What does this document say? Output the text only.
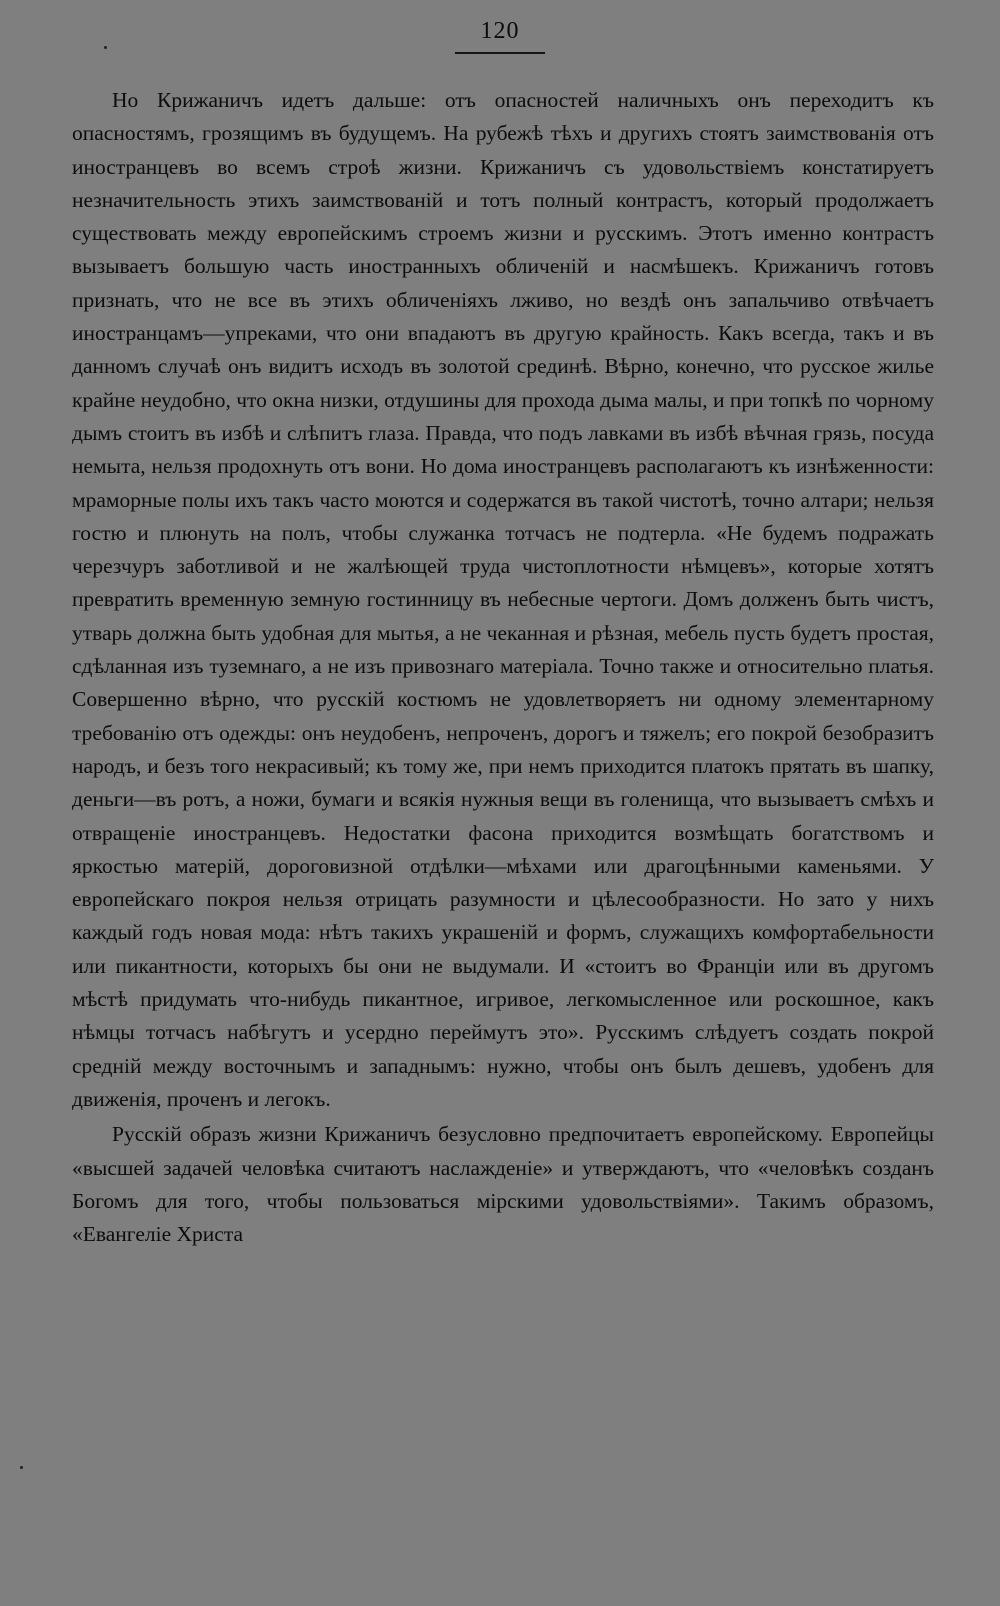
120

Но Крижаничъ идетъ дальше: отъ опасностей наличныхъ онъ переходитъ къ опасностямъ, грозящимъ въ будущемъ. На рубежѣ тѣхъ и другихъ стоятъ заимствованія отъ иностранцевъ во всемъ строѣ жизни. Крижаничъ съ удовольствіемъ констатируетъ незначительность этихъ заимствованій и тотъ полный контрастъ, который продолжаетъ существовать между европейскимъ строемъ жизни и русскимъ. Этотъ именно контрастъ вызываетъ большую часть иностранныхъ обличеній и насмѣшекъ. Крижаничъ готовъ признать, что не все въ этихъ обличеніяхъ лживо, но вездѣ онъ запальчиво отвѣчаетъ иностранцамъ—упреками, что они впадаютъ въ другую крайность. Какъ всегда, такъ и въ данномъ случаѣ онъ видитъ исходъ въ золотой срединѣ. Вѣрно, конечно, что русское жилье крайне неудобно, что окна низки, отдушины для прохода дыма малы, и при топкѣ по чорному дымъ стоитъ въ избѣ и слѣпитъ глаза. Правда, что подъ лавками въ избѣ вѣчная грязь, посуда немыта, нельзя продохнуть отъ вони. Но дома иностранцевъ располагаютъ къ изнѣженности: мраморные полы ихъ такъ часто моются и содержатся въ такой чистотѣ, точно алтари; нельзя гостю и плюнуть на полъ, чтобы служанка тотчасъ не подтерла. «Не будемъ подражать черезчуръ заботливой и не жалѣющей труда чистоплотности нѣмцевъ», которые хотятъ превратить временную земную гостинницу въ небесные чертоги. Домъ долженъ быть чистъ, утварь должна быть удобная для мытья, а не чеканная и рѣзная, мебель пусть будетъ простая, сдѣланная изъ туземнаго, а не изъ привознаго матеріала. Точно также и относительно платья. Совершенно вѣрно, что русскій костюмъ не удовлетворяетъ ни одному элементарному требованію отъ одежды: онъ неудобенъ, непроченъ, дорогъ и тяжелъ; его покрой безобразитъ народъ, и безъ того некрасивый; къ тому же, при немъ приходится платокъ прятать въ шапку, деньги—въ ротъ, а ножи, бумаги и всякія нужныя вещи въ голенища, что вызываетъ смѣхъ и отвращеніе иностранцевъ. Недостатки фасона приходится возмѣщать богатствомъ и яркостью матерій, дороговизной отдѣлки—мѣхами или драгоцѣнными каменьями. У европейскаго покроя нельзя отрицать разумности и цѣлесообразности. Но зато у нихъ каждый годъ новая мода: нѣтъ такихъ украшеній и формъ, служащихъ комфортабельности или пикантности, которыхъ бы они не выдумали. И «стоитъ во Франціи или въ другомъ мѣстѣ придумать что-нибудь пикантное, игривое, легкомысленное или роскошное, какъ нѣмцы тотчасъ набѣгутъ и усердно переймутъ это». Русскимъ слѣдуетъ создать покрой средній между восточнымъ и западнымъ: нужно, чтобы онъ былъ дешевъ, удобенъ для движенія, проченъ и легокъ.

Русскій образъ жизни Крижаничъ безусловно предпочитаетъ европейскому. Европейцы «высшей задачей человѣка считаютъ наслажденіе» и утверждаютъ, что «человѣкъ созданъ Богомъ для того, чтобы пользоваться мірскими удовольствіями». Такимъ образомъ, «Евангеліе Христа
